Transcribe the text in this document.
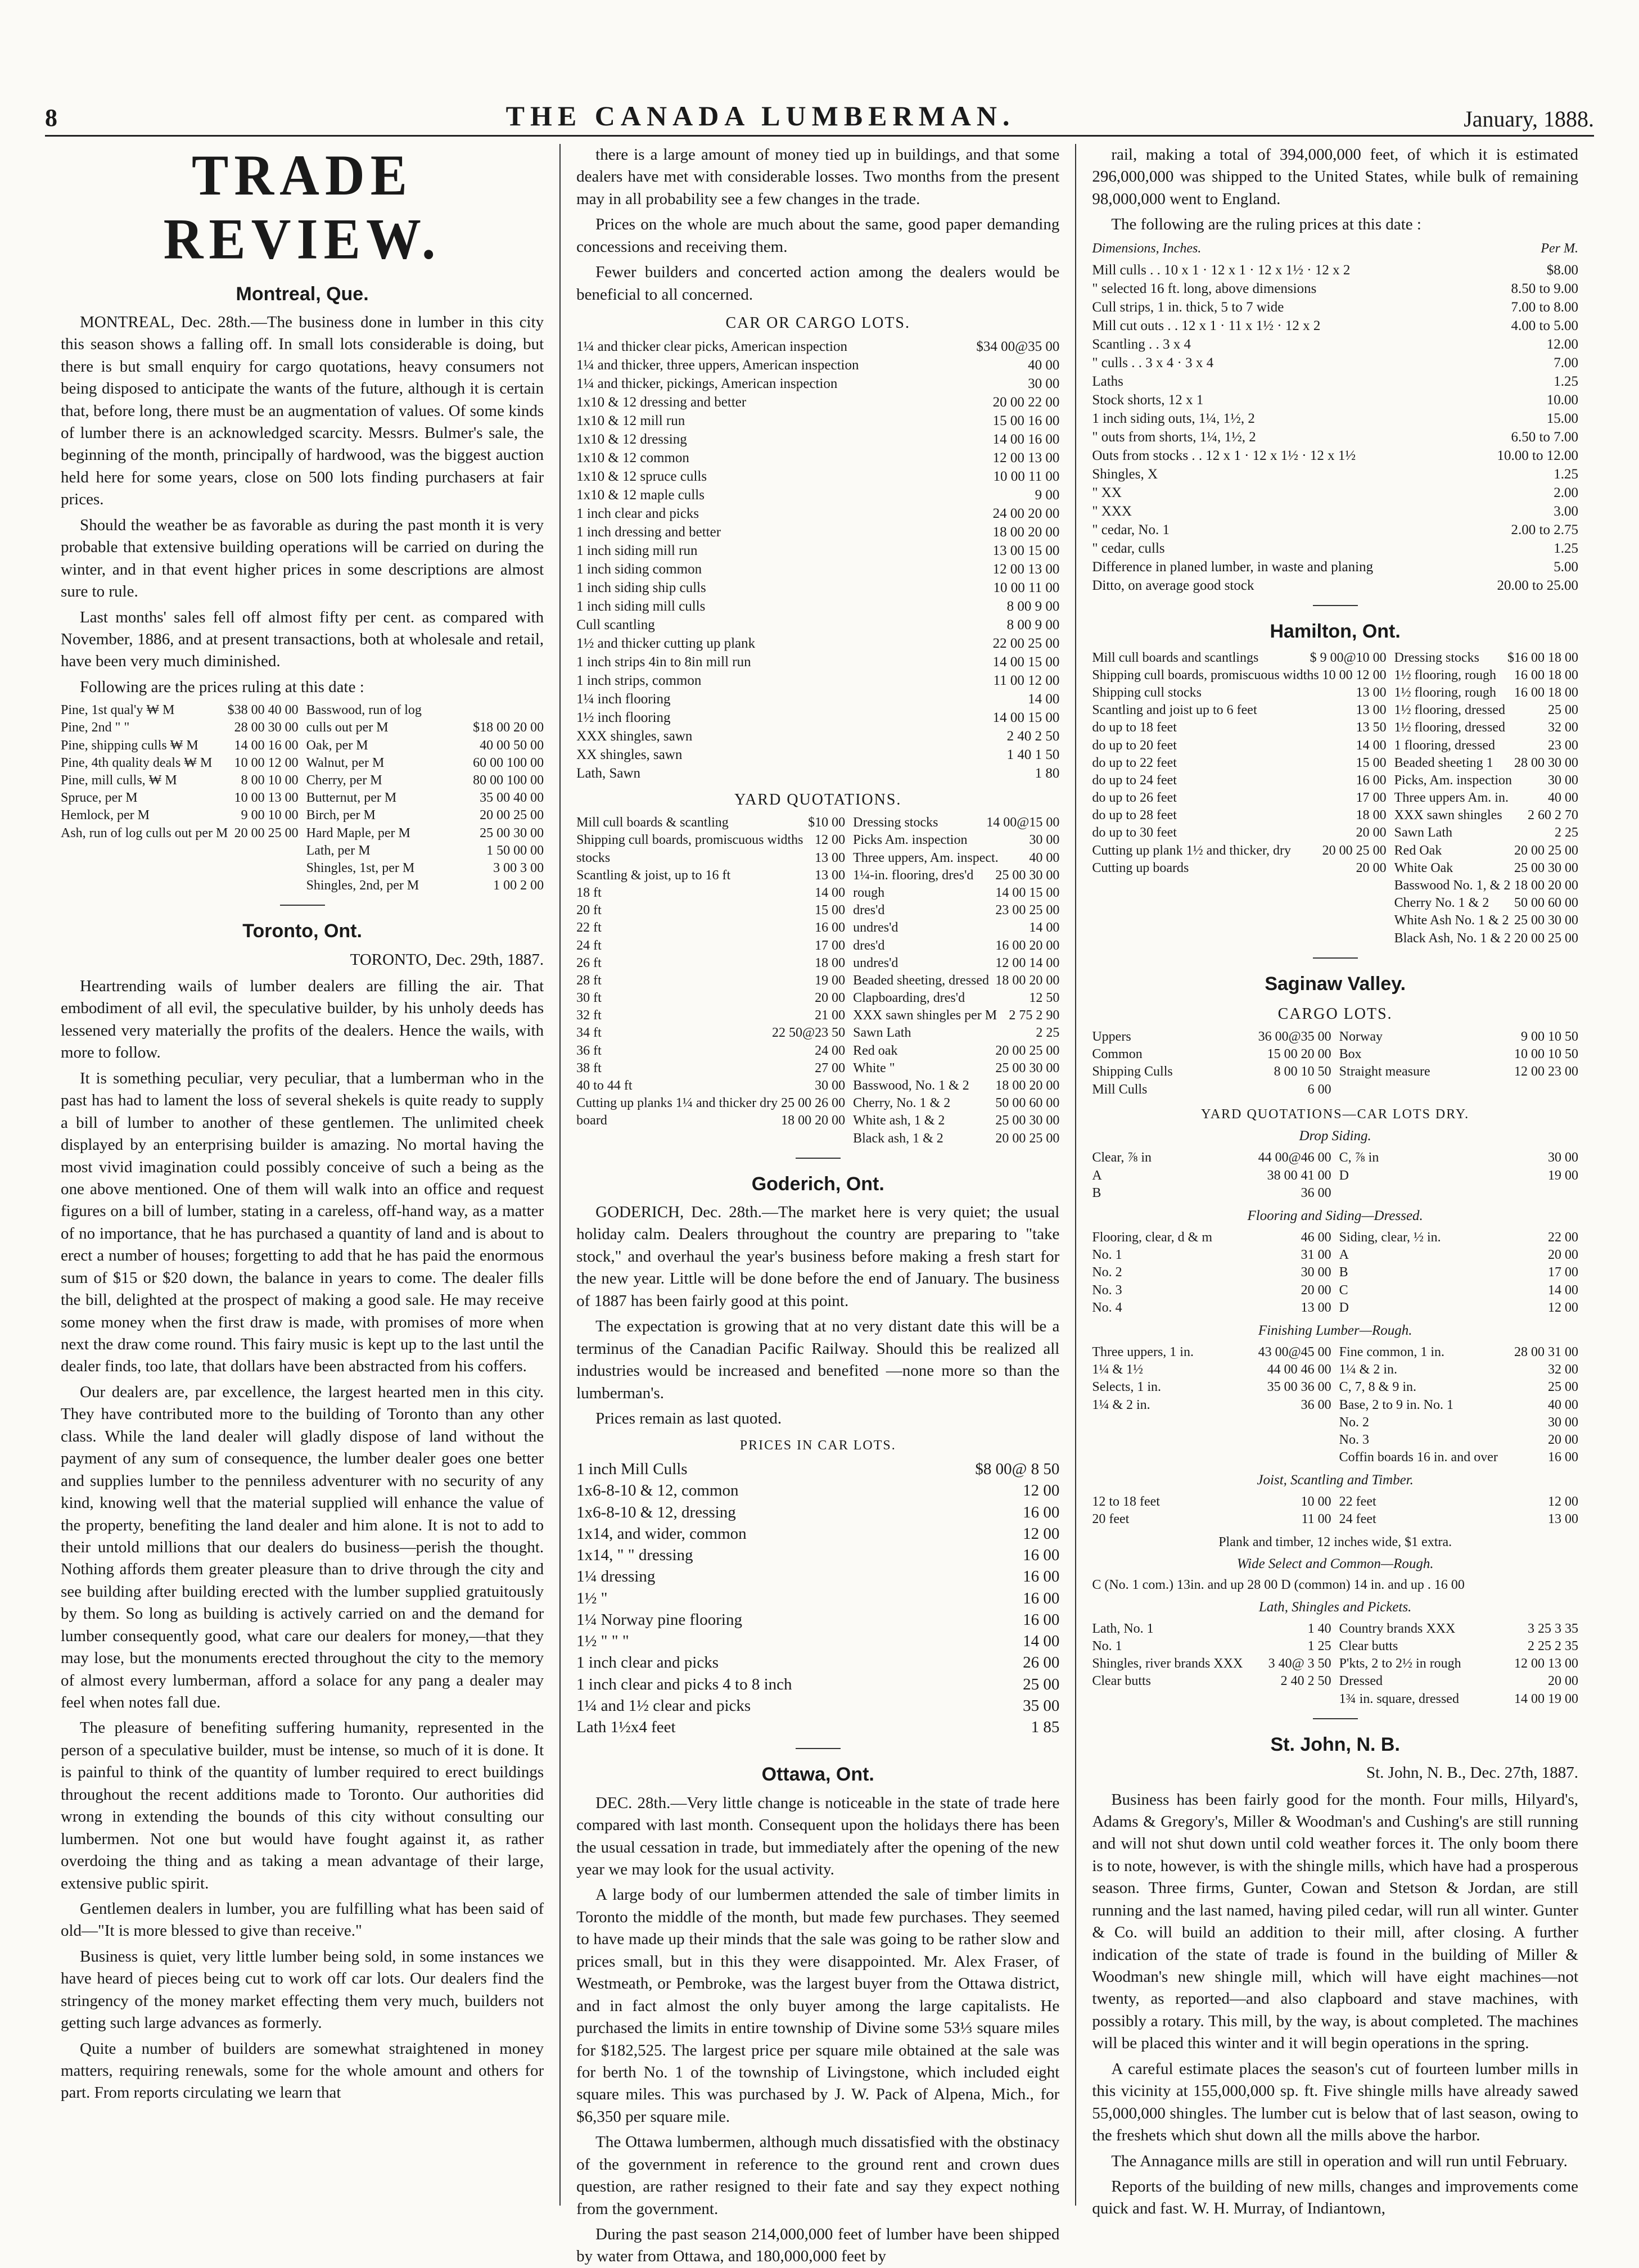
8	THE CANADA LUMBERMAN.	January, 1888.
TRADE REVIEW.
Montreal, Que.

MONTREAL, Dec. 28th.—The business done in lumber in this city this season shows a falling off. In small lots considerable is doing, but there is but small enquiry for cargo quotations, heavy consumers not being disposed to anticipate the wants of the future, although it is certain that, before long, there must be an augmentation of values. Of some kinds of lumber there is an acknowledged scarcity. Messrs. Bulmer's sale, the beginning of the month, principally of hardwood, was the biggest auction held here for some years, close on 500 lots finding purchasers at fair prices.

Should the weather be as favorable as during the past month it is very probable that extensive building operations will be carried on during the winter, and in that event higher prices in some descriptions are almost sure to rule.

Last months' sales fell off almost fifty per cent. as compared with November, 1886, and at present transactions, both at wholesale and retail, have been very much diminished.

Following are the prices ruling at this date :

Pine, 1st qual'y ₩ M	$38 00 40 00 Basswood, run of log
Pine, 2nd " "	28 00 30 00 culls out per M	$18 00 20 00
Pine, shipping culls ₩ M	14 00 16 00 Oak, per M	40 00 50 00
Pine, 4th quality deals ₩ M 10 00 12 00 Walnut, per M	60 00 100 00
Pine, mill culls, ₩ M	8 00 10 00 Cherry, per M	80 00 100 00
Spruce, per M	10 00 13 00 Butternut, per M	35 00 40 00
Hemlock, per M	9 00 10 00 Birch, per M	20 00 25 00
Ash, run of log culls out per M 20 00 25 00 Hard Maple, per M	25 00 30 00
Lath, per M	1 50 00 00
Shingles, 1st, per M	3 00 3 00
Shingles, 2nd, per M	1 00 2 00
Toronto, Ont.
TORONTO, Dec. 29th, 1887.

Heartrending wails of lumber dealers are filling the air. That embodiment of all evil, the speculative builder, by his unholy deeds has lessened very materially the profits of the dealers. Hence the wails, with more to follow.

It is something peculiar, very peculiar, that a lumberman who in the past has had to lament the loss of several shekels is quite ready to supply a bill of lumber to another of these gentlemen. The unlimited cheek displayed by an enterprising builder is amazing. No mortal having the most vivid imagination could possibly conceive of such a being as the one above mentioned. One of them will walk into an office and request figures on a bill of lumber, stating in a careless, off-hand way, as a matter of no importance, that he has purchased a quantity of land and is about to erect a number of houses; forgetting to add that he has paid the enormous sum of $15 or $20 down, the balance in years to come. The dealer fills the bill, delighted at the prospect of making a good sale. He may receive some money when the first draw is made, with promises of more when next the draw come round. This fairy music is kept up to the last until the dealer finds, too late, that dollars have been abstracted from his coffers.

Our dealers are, par excellence, the largest hearted men in this city. They have contributed more to the building of Toronto than any other class. While the land dealer will gladly dispose of land without the payment of any sum of consequence, the lumber dealer goes one better and supplies lumber to the penniless adventurer with no security of any kind, knowing well that the material supplied will enhance the value of the property, benefiting the land dealer and him alone. It is not to add to their untold millions that our dealers do business—perish the thought. Nothing affords them greater pleasure than to drive through the city and see building after building erected with the lumber supplied gratuitously by them. So long as building is actively carried on and the demand for lumber consequently good, what care our dealers for money,—that they may lose, but the monuments erected throughout the city to the memory of almost every lumberman, afford a solace for any pang a dealer may feel when notes fall due.

The pleasure of benefiting suffering humanity, represented in the person of a speculative builder, must be intense, so much of it is done. It is painful to think of the quantity of lumber required to erect buildings throughout the recent additions made to Toronto. Our authorities did wrong in extending the bounds of this city without consulting our lumbermen. Not one but would have fought against it, as rather overdoing the thing and as taking a mean advantage of their large, extensive public spirit.

Gentlemen dealers in lumber, you are fulfilling what has been said of old—"It is more blessed to give than receive."

Business is quiet, very little lumber being sold, in some instances we have heard of pieces being cut to work off car lots. Our dealers find the stringency of the money market effecting them very much, builders not getting such large advances as formerly.

Quite a number of builders are somewhat straightened in money matters, requiring renewals, some for the whole amount and others for part. From reports circulating we learn that

there is a large amount of money tied up in buildings, and that some dealers have met with considerable losses. Two months from the present may in all probability see a few changes in the trade.

Prices on the whole are much about the same, good paper demanding concessions and receiving them.

Fewer builders and concerted action among the dealers would be beneficial to all concerned.

CAR OR CARGO LOTS.
1¼ and thicker clear picks, American inspection	$34 00@35 00
1¼ and thicker, three uppers, American inspection	40 00
1¼ and thicker, pickings, American inspection	30 00
1x10 & 12 dressing and better	20 00 22 00
1x10 & 12 mill run	15 00 16 00
1x10 & 12 dressing	14 00 16 00
1x10 & 12 common	12 00 13 00
1x10 & 12 spruce culls	10 00 11 00
1x10 & 12 maple culls	9 00
1 inch clear and picks	24 00 20 00
1 inch dressing and better	18 00 20 00
1 inch siding mill run	13 00 15 00
1 inch siding common	12 00 13 00
1 inch siding ship culls	10 00 11 00
1 inch siding mill culls	8 00 9 00
Cull scantling	8 00 9 00
1½ and thicker cutting up plank	22 00 25 00
1 inch strips 4in to 8in mill run	14 00 15 00
1 inch strips, common	11 00 12 00
1¼ inch flooring	14 00
1½ inch flooring	14 00 15 00
XXX shingles, sawn	2 40 2 50
XX shingles, sawn	1 40 1 50
Lath, Sawn	1 80
YARD QUOTATIONS.
Mill cull boards & scantling	$10 00 Dressing stocks	14 00@15 00
Shipping cull boards, promiscuous widths 12 00 Picks Am. inspection	30 00
stocks	13 00 Three uppers, Am. inspect. 40 00
Scantling & joist, up to 16 ft	13 00 1¼-in. flooring, dres'd 25 00 30 00
18 ft	14 00 rough	14 00 15 00
20 ft	15 00 dres'd	23 00 25 00
22 ft	16 00 undres'd	14 00
24 ft	17 00 dres'd	16 00 20 00
26 ft	18 00 undres'd	12 00 14 00
28 ft	19 00 Beaded sheeting, dressed 18 00 20 00
30 ft	20 00 Clapboarding, dres'd	12 50
32 ft	21 00 XXX sawn shingles per M 2 75 2 90
34 ft	22 50@23 50 Sawn Lath	2 25
36 ft	24 00 Red oak	20 00 25 00
38 ft	27 00 White "	25 00 30 00
40 to 44 ft	30 00 Basswood, No. 1 & 2 18 00 20 00
Cutting up planks 1¼ and thicker dry 25 00 26 00 Cherry, No. 1 & 2	50 00 60 00
board	18 00 20 00 White ash, 1 & 2	25 00 30 00
Black ash, 1 & 2	20 00 25 00
Goderich, Ont.

GODERICH, Dec. 28th.—The market here is very quiet; the usual holiday calm. Dealers throughout the country are preparing to "take stock," and overhaul the year's business before making a fresh start for the new year. Little will be done before the end of January. The business of 1887 has been fairly good at this point.

The expectation is growing that at no very distant date this will be a terminus of the Canadian Pacific Railway. Should this be realized all industries would be increased and benefited —none more so than the lumberman's.

Prices remain as last quoted.

PRICES IN CAR LOTS.
1 inch Mill Culls	$8 00@ 8 50
1x6-8-10 & 12, common	12 00
1x6-8-10 & 12, dressing	16 00
1x14, and wider, common	12 00
1x14, " " dressing	16 00
1¼ dressing	16 00
1½ "	16 00
1¼ Norway pine flooring	16 00
1½ " " "	14 00
1 inch clear and picks	26 00
1 inch clear and picks 4 to 8 inch	25 00
1¼ and 1½ clear and picks	35 00
Lath 1½x4 feet	1 85
Ottawa, Ont.

DEC. 28th.—Very little change is noticeable in the state of trade here compared with last month. Consequent upon the holidays there has been the usual cessation in trade, but immediately after the opening of the new year we may look for the usual activity.

A large body of our lumbermen attended the sale of timber limits in Toronto the middle of the month, but made few purchases. They seemed to have made up their minds that the sale was going to be rather slow and prices small, but in this they were disappointed. Mr. Alex Fraser, of Westmeath, or Pembroke, was the largest buyer from the Ottawa district, and in fact almost the only buyer among the large capitalists. He purchased the limits in entire township of Divine some 53⅓ square miles for $182,525. The largest price per square mile obtained at the sale was for berth No. 1 of the township of Livingstone, which included eight square miles. This was purchased by J. W. Pack of Alpena, Mich., for $6,350 per square mile.

The Ottawa lumbermen, although much dissatisfied with the obstinacy of the government in reference to the ground rent and crown dues question, are rather resigned to their fate and say they expect nothing from the government.

During the past season 214,000,000 feet of lumber have been shipped by water from Ottawa, and 180,000,000 feet by

rail, making a total of 394,000,000 feet, of which it is estimated 296,000,000 was shipped to the United States, while bulk of remaining 98,000,000 went to England.

The following are the ruling prices at this date :

Dimensions, Inches.	Per M.
Mill culls . . 10 x 1 · 12 x 1 · 12 x 1½ · 12 x 2	$8.00
" selected 16 ft. long, above dimensions	8.50 to 9.00
Cull strips, 1 in. thick, 5 to 7 wide	7.00 to 8.00
Mill cut outs . . 12 x 1 · 11 x 1½ · 12 x 2	4.00 to 5.00
Scantling . . 3 x 4	12.00
" culls . . 3 x 4 · 3 x 4	7.00
Laths	1.25
Stock shorts, 12 x 1	10.00
1 inch siding outs, 1¼, 1½, 2	15.00
" outs from shorts, 1¼, 1½, 2	6.50 to 7.00
Outs from stocks . . 12 x 1 · 12 x 1½ · 12 x 1½	10.00 to 12.00
Shingles, X	1.25
" XX	2.00
" XXX	3.00
" cedar, No. 1	2.00 to 2.75
" cedar, culls	1.25
Difference in planed lumber, in waste and planing	5.00
Ditto, on average good stock	20.00 to 25.00
Hamilton, Ont.
Mill cull boards and scantlings	$ 9 00@10 00 Dressing stocks $16 00 18 00
Shipping cull boards, promiscuous widths 10 00 12 00 1½ flooring, rough 16 00 18 00
Shipping cull stocks	13 00 1½ flooring, rough 16 00 18 00
Scantling and joist up to 6 feet	13 00 1½ flooring, dressed	25 00
do up to 18 feet	13 50 1½ flooring, dressed	32 00
do up to 20 feet	14 00 1 flooring, dressed	23 00
do up to 22 feet	15 00 Beaded sheeting 1 28 00 30 00
do up to 24 feet	16 00 Picks, Am. inspection	30 00
do up to 26 feet	17 00 Three uppers Am. in.	40 00
do up to 28 feet	18 00 XXX sawn shingles 2 60 2 70
do up to 30 feet	20 00 Sawn Lath	2 25
Cutting up plank 1½ and thicker, dry 20 00 25 00 Red Oak	20 00 25 00
Cutting up boards	20 00 White Oak	25 00 30 00
Basswood No. 1, & 2 18 00 20 00
Cherry No. 1 & 2 50 00 60 00
White Ash No. 1 & 2 25 00 30 00
Black Ash, No. 1 & 2 20 00 25 00
Saginaw Valley.
CARGO LOTS.
Uppers	36 00@35 00 Norway	9 00 10 50
Common	15 00 20 00 Box	10 00 10 50
Shipping Culls	8 00 10 50 Straight measure	12 00 23 00
Mill Culls	6 00
YARD QUOTATIONS—CAR LOTS DRY.
Drop Siding.
Clear, ⅞ in	44 00@46 00 C, ⅞ in	30 00
A	38 00 41 00 D	19 00
B	36 00
Flooring and Siding—Dressed.
Flooring, clear, d & m	46 00 Siding, clear, ½ in.	22 00
No. 1	31 00 A	20 00
No. 2	30 00 B	17 00
No. 3	20 00 C	14 00
No. 4	13 00 D	12 00
Finishing Lumber—Rough.
Three uppers, 1 in.	43 00@45 00 Fine common, 1 in.	28 00 31 00
1¼ & 1½	44 00 46 00 1¼ & 2 in.	32 00
Selects, 1 in.	35 00 36 00 C, 7, 8 & 9 in.	25 00
1¼ & 2 in.	36 00 Base, 2 to 9 in. No. 1	40 00
No. 2	30 00
No. 3	20 00
Coffin boards 16 in. and over	16 00
Joist, Scantling and Timber.
12 to 18 feet	10 00 22 feet	12 00
20 feet	11 00 24 feet	13 00
Plank and timber, 12 inches wide, $1 extra.
Wide Select and Common—Rough.
C (No. 1 com.) 13in. and up 28 00 D (common) 14 in. and up . 16 00
Lath, Shingles and Pickets.
Lath, No. 1	1 40 Country brands XXX	3 25 3 35
No. 1	1 25 Clear butts	2 25 2 35
Shingles, river brands XXX 3 40@ 3 50 P'kts, 2 to 2½ in rough	12 00 13 00
Clear butts	2 40 2 50 Dressed	20 00
1¾ in. square, dressed	14 00 19 00
St. John, N. B.
St. John, N. B., Dec. 27th, 1887.

Business has been fairly good for the month. Four mills, Hilyard's, Adams & Gregory's, Miller & Woodman's and Cushing's are still running and will not shut down until cold weather forces it. The only boom there is to note, however, is with the shingle mills, which have had a prosperous season. Three firms, Gunter, Cowan and Stetson & Jordan, are still running and the last named, having piled cedar, will run all winter. Gunter & Co. will build an addition to their mill, after closing. A further indication of the state of trade is found in the building of Miller & Woodman's new shingle mill, which will have eight machines—not twenty, as reported—and also clapboard and stave machines, with possibly a rotary. This mill, by the way, is about completed. The machines will be placed this winter and it will begin operations in the spring.

A careful estimate places the season's cut of fourteen lumber mills in this vicinity at 155,000,000 sp. ft. Five shingle mills have already sawed 55,000,000 shingles. The lumber cut is below that of last season, owing to the freshets which shut down all the mills above the harbor.

The Annagance mills are still in operation and will run until February.

Reports of the building of new mills, changes and improvements come quick and fast. W. H. Murray, of Indiantown,
